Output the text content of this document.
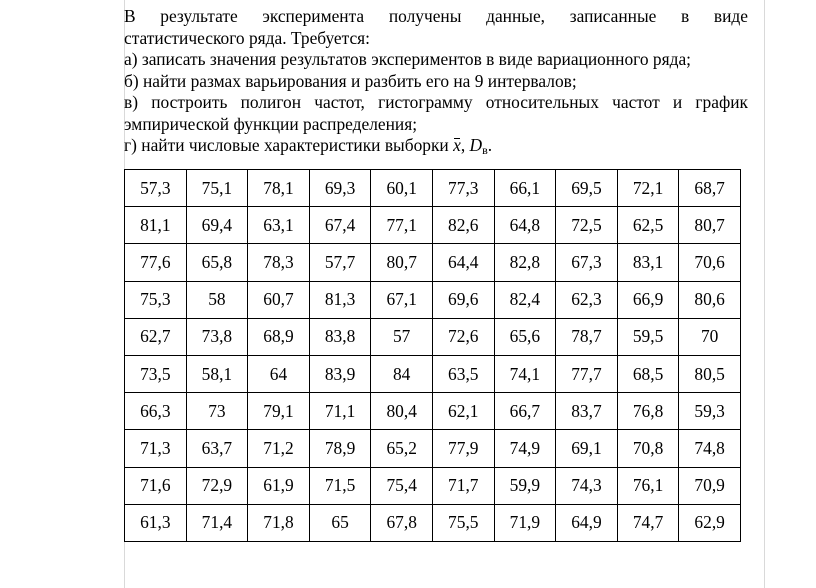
В результате эксперимента получены данные, записанные в виде
статистического ряда. Требуется:
а) записать значения результатов экспериментов в виде вариационного ряда;
б) найти размах варьирования и разбить его на 9 интервалов;
в) построить полигон частот, гистограмму относительных частот и график
эмпирической функции распределения;
г) найти числовые характеристики выборки x, $D_в$.
57,3	75,1	78,1	69,3	60,1	77,3	66,1	69,5	72,1	68,7
81,1	69,4	63,1	67,4	77,1	82,6	64,8	72,5	62,5	80,7
77,6	65,8	78,3	57,7	80,7	64,4	82,8	67,3	83,1	70,6
75,3	58	60,7	81,3	67,1	69,6	82,4	62,3	66,9	80,6
62,7	73,8	68,9	83,8	57	72,6	65,6	78,7	59,5	70
73,5	58,1	64	83,9	84	63,5	74,1	77,7	68,5	80,5
66,3	73	79,1	71,1	80,4	62,1	66,7	83,7	76,8	59,3
71,3	63,7	71,2	78,9	65,2	77,9	74,9	69,1	70,8	74,8
71,6	72,9	61,9	71,5	75,4	71,7	59,9	74,3	76,1	70,9
61,3	71,4	71,8	65	67,8	75,5	71,9	64,9	74,7	62,9
